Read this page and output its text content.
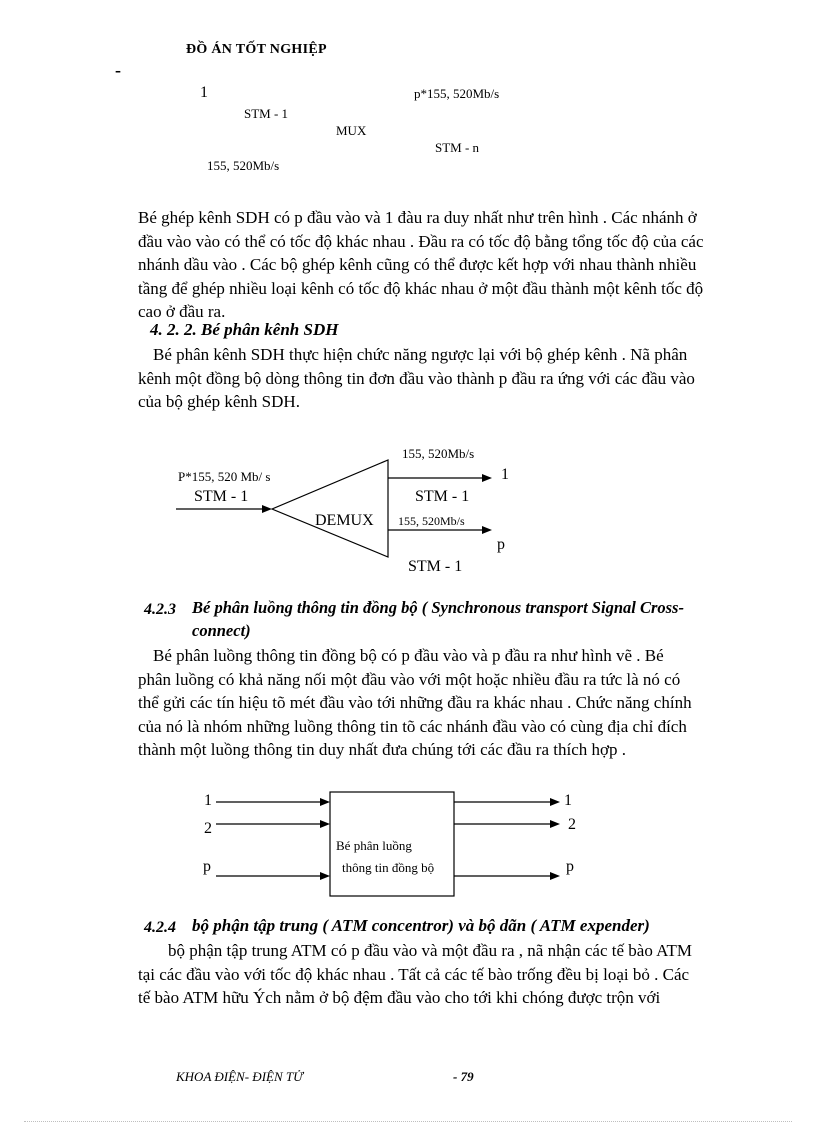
ĐỒ ÁN TỐT NGHIỆP
-
1	p*155, 520Mb/s
STM - 1
MUX
STM - n
155, 520Mb/s
Bé ghép kênh SDH có p đầu vào và 1 đàu ra duy nhất như trên hình . Các nhánh ở
đầu vào vào có thể có tốc độ khác nhau . Đầu ra có tốc độ bằng tổng tốc độ của các
nhánh dầu vào . Các bộ ghép kênh cũng có thể được kết hợp với nhau thành nhiều
tầng để ghép nhiều loại kênh có tốc độ khác nhau ở một đầu thành một kênh tốc độ
cao ở đầu ra.
4. 2. 2. Bé phân kênh SDH
Bé phân kênh SDH thực hiện chức năng ngược lại với bộ ghép kênh . Nã phân
kênh một đồng bộ dòng thông tin đơn đầu vào thành p đầu ra ứng với các đầu vào
của bộ ghép kênh SDH.
P*155, 520 Mb/ s
STM - 1
DEMUX
155, 520Mb/s
1
STM - 1
155, 520Mb/s
p
STM - 1
4.2.3 Bé phân luồng thông tin đồng bộ ( Synchronous transport Signal Cross-
connect)
Bé phân luồng thông tin đồng bộ có p đầu vào và p đầu ra như hình vẽ . Bé
phân luồng có khả năng nối một đầu vào với một hoặc nhiều đầu ra tức là nó có
thể gửi các tín hiệu tõ mét đầu vào tới những đầu ra khác nhau . Chức năng chính
của nó là nhóm những luồng thông tin tõ các nhánh đầu vào có cùng địa chỉ đích
thành một luồng thông tin duy nhất đưa chúng tới các đầu ra thích hợp .
1
2
p
1
2
p
Bé phân luồng
thông tin đồng bộ
4.2.4 bộ phận tập trung ( ATM concentror) và bộ dãn ( ATM expender)
bộ phận tập trung ATM có p đầu vào và một đầu ra , nã nhận các tế bào ATM
tại các đầu vào với tốc độ khác nhau . Tất cả các tế bào trống đều bị loại bỏ . Các
tế bào ATM hữu Ých nằm ở bộ đệm đầu vào cho tới khi chóng được trộn với
KHOA ĐIỆN- ĐIỆN TỬ	- 79
